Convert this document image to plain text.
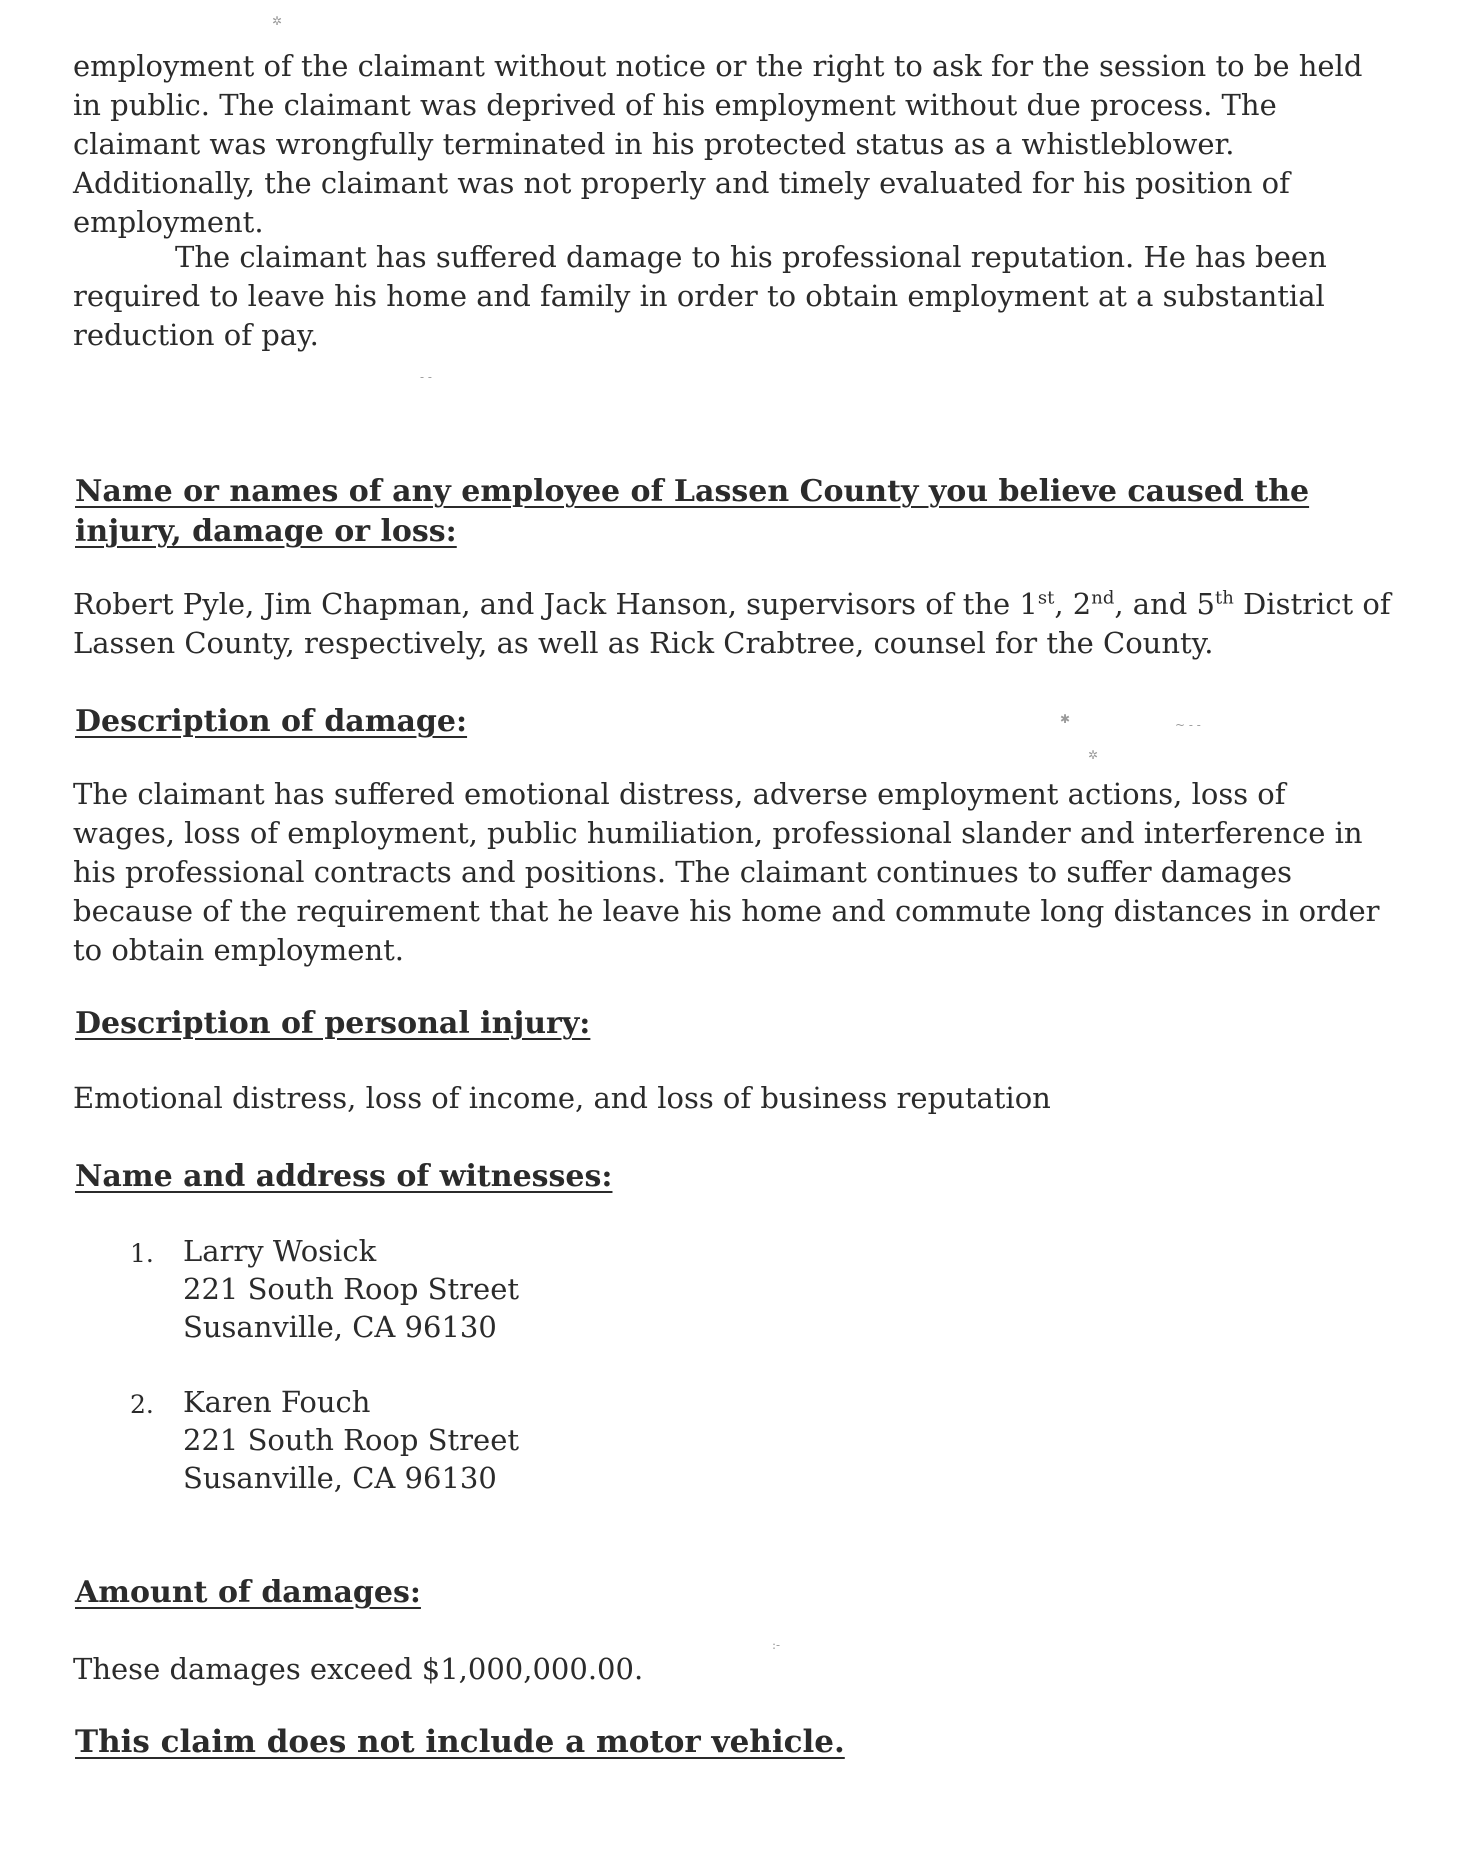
employment of the claimant without notice or the right to ask for the session to be held in public. The claimant was deprived of his employment without due process. The claimant was wrongfully terminated in his protected status as a whistleblower. Additionally, the claimant was not properly and timely evaluated for his position of employment.

The claimant has suffered damage to his professional reputation. He has been required to leave his home and family in order to obtain employment at a substantial reduction of pay.

Name or names of any employee of Lassen County you believe caused the injury, damage or loss:

Robert Pyle, Jim Chapman, and Jack Hanson, supervisors of the 1st, 2nd, and 5th District of Lassen County, respectively, as well as Rick Crabtree, counsel for the County.

Description of damage:

The claimant has suffered emotional distress, adverse employment actions, loss of wages, loss of employment, public humiliation, professional slander and interference in his professional contracts and positions. The claimant continues to suffer damages because of the requirement that he leave his home and commute long distances in order to obtain employment.

Description of personal injury:

Emotional distress, loss of income, and loss of business reputation

Name and address of witnesses:

1. Larry Wosick
221 South Roop Street
Susanville, CA 96130
2. Karen Fouch
221 South Roop Street
Susanville, CA 96130

Amount of damages:

These damages exceed $1,000,000.00.

This claim does not include a motor vehicle.

✲
- -
✱	~ - -
✲
:-
